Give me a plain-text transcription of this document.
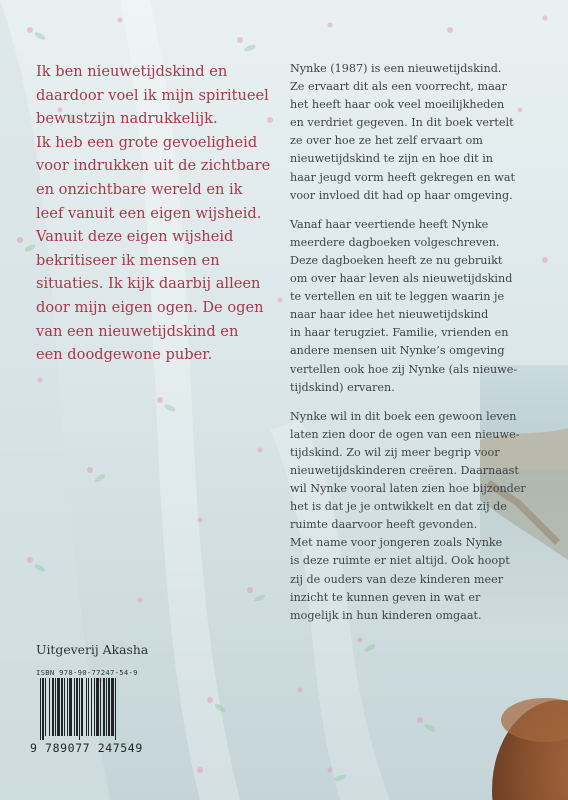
Ik ben nieuwetijdskind en
daardoor voel ik mijn spiritueel
bewustzijn nadrukkelijk.
Ik heb een grote gevoeligheid
voor indrukken uit de zichtbare
en onzichtbare wereld en ik
leef vanuit een eigen wijsheid.
Vanuit deze eigen wijsheid
bekritiseer ik mensen en
situaties. Ik kijk daarbij alleen
door mijn eigen ogen. De ogen
van een nieuwetijdskind en
een doodgewone puber.

Nynke (1987) is een nieuwetijdskind.
Ze ervaart dit als een voorrecht, maar
het heeft haar ook veel moeilijkheden
en verdriet gegeven. In dit boek vertelt
ze over hoe ze het zelf ervaart om
nieuwetijdskind te zijn en hoe dit in
haar jeugd vorm heeft gekregen en wat
voor invloed dit had op haar omgeving.

Vanaf haar veertiende heeft Nynke
meerdere dagboeken volgeschreven.
Deze dagboeken heeft ze nu gebruikt
om over haar leven als nieuwetijdskind
te vertellen en uit te leggen waarin je
naar haar idee het nieuwetijdskind
in haar terugziet. Familie, vrienden en
andere mensen uit Nynke’s omgeving
vertellen ook hoe zij Nynke (als nieuwe-
tijdskind) ervaren.

Nynke wil in dit boek een gewoon leven
laten zien door de ogen van een nieuwe-
tijdskind. Zo wil zij meer begrip voor
nieuwetijdskinderen creëren. Daarnaast
wil Nynke vooral laten zien hoe bijzonder
het is dat je je ontwikkelt en dat zij de
ruimte daarvoor heeft gevonden.
Met name voor jongeren zoals Nynke
is deze ruimte er niet altijd. Ook hoopt
zij de ouders van deze kinderen meer
inzicht te kunnen geven in wat er
mogelijk in hun kinderen omgaat.

Uitgeverij Akasha
ISBN 978-90-77247-54-9
9 789077 247549
